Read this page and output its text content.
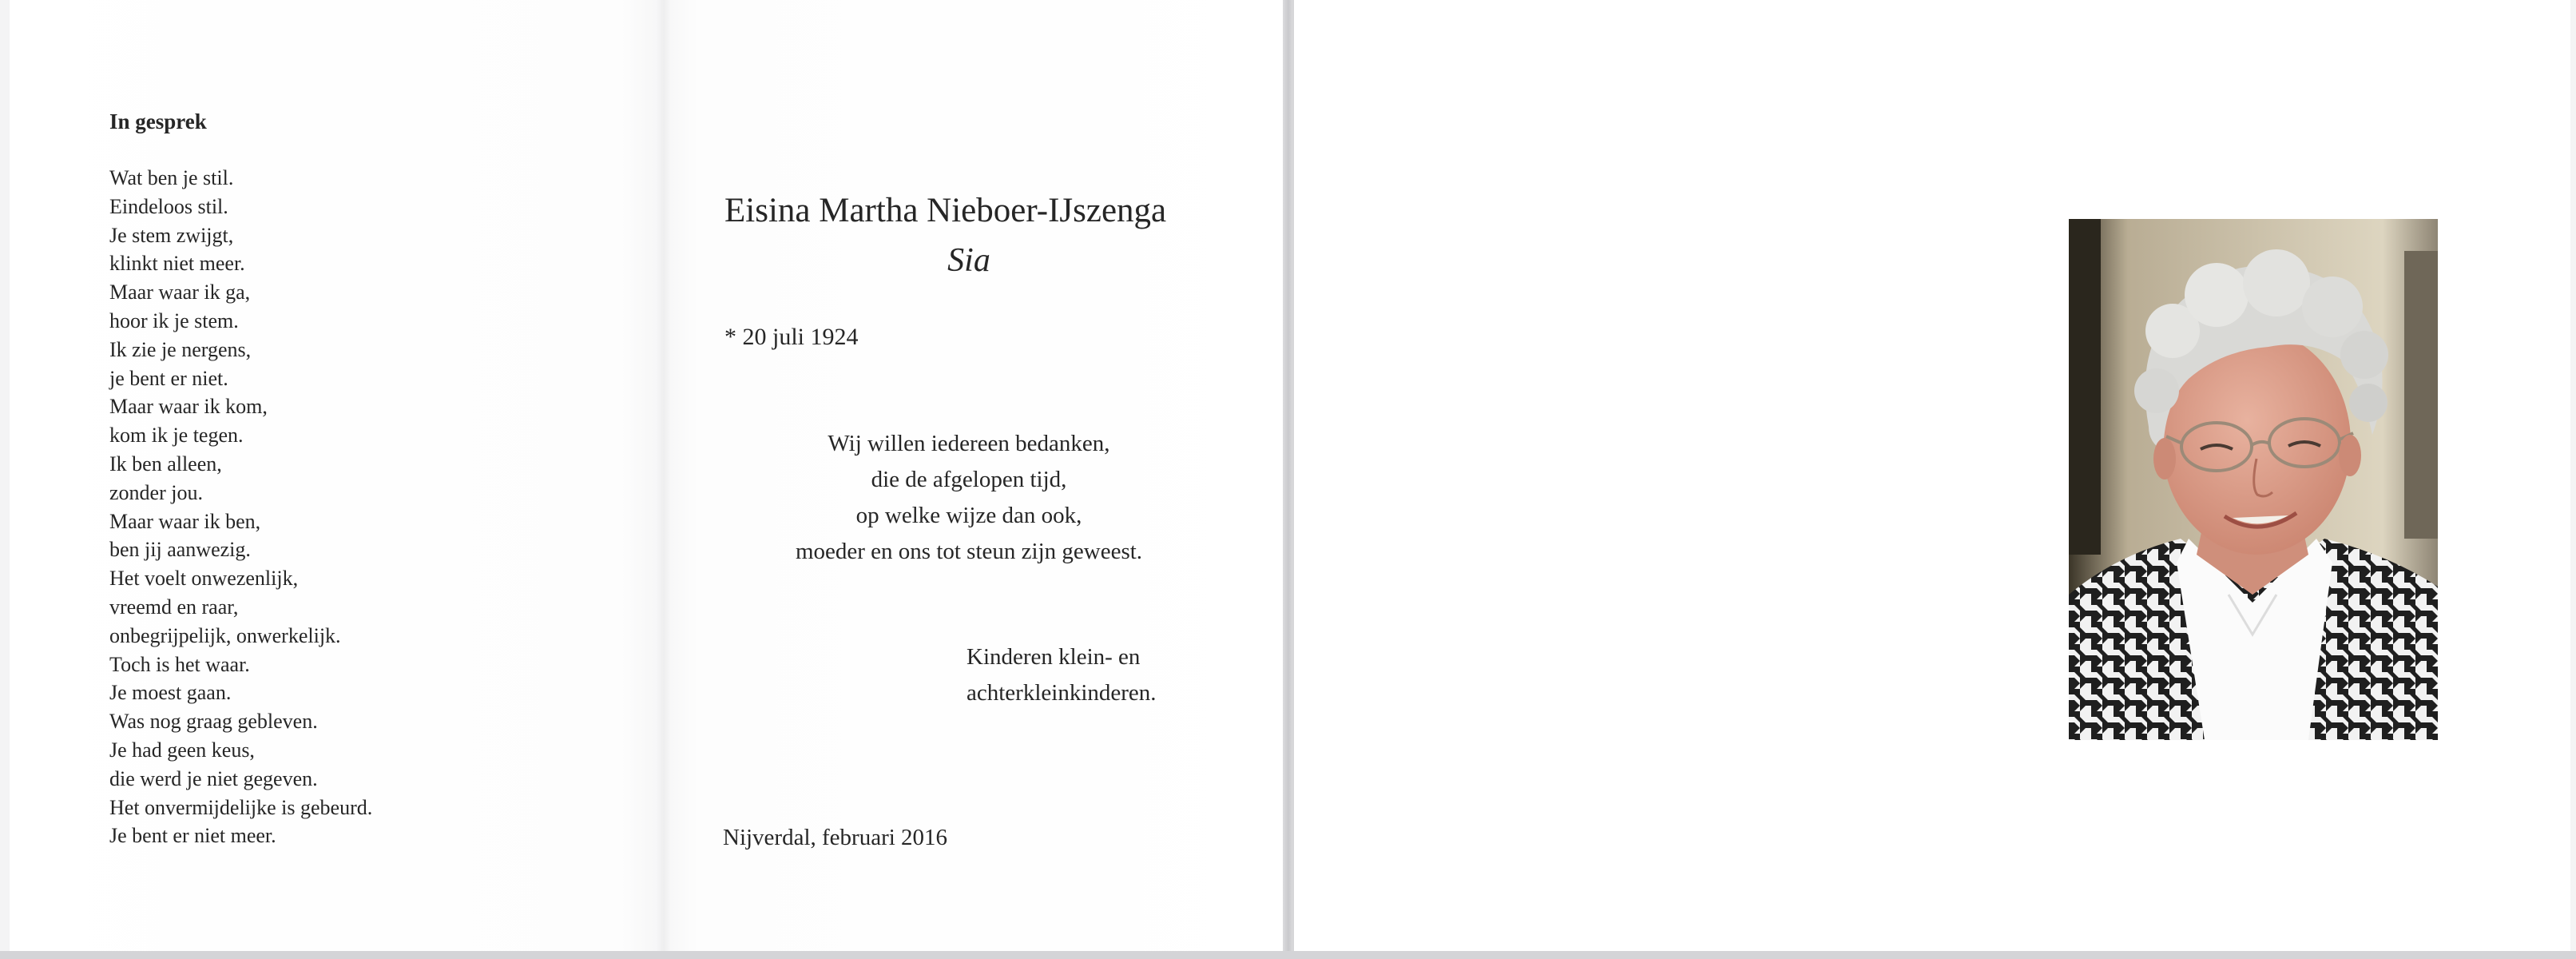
In gesprek
Wat ben je stil.
Eindeloos stil.
Je stem zwijgt,
klinkt niet meer.
Maar waar ik ga,
hoor ik je stem.
Ik zie je nergens,
je bent er niet.
Maar waar ik kom,
kom ik je tegen.
Ik ben alleen,
zonder jou.
Maar waar ik ben,
ben jij aanwezig.
Het voelt onwezenlijk,
vreemd en raar,
onbegrijpelijk, onwerkelijk.
Toch is het waar.
Je moest gaan.
Was nog graag gebleven.
Je had geen keus,
die werd je niet gegeven.
Het onvermijdelijke is gebeurd.
Je bent er niet meer.
Eisina Martha Nieboer-IJszenga
Sia
* 20 juli 1924
Wij willen iedereen bedanken,
die de afgelopen tijd,
op welke wijze dan ook,
moeder en ons tot steun zijn geweest.
Kinderen klein- en
achterkleinkinderen.
Nijverdal, februari 2016
